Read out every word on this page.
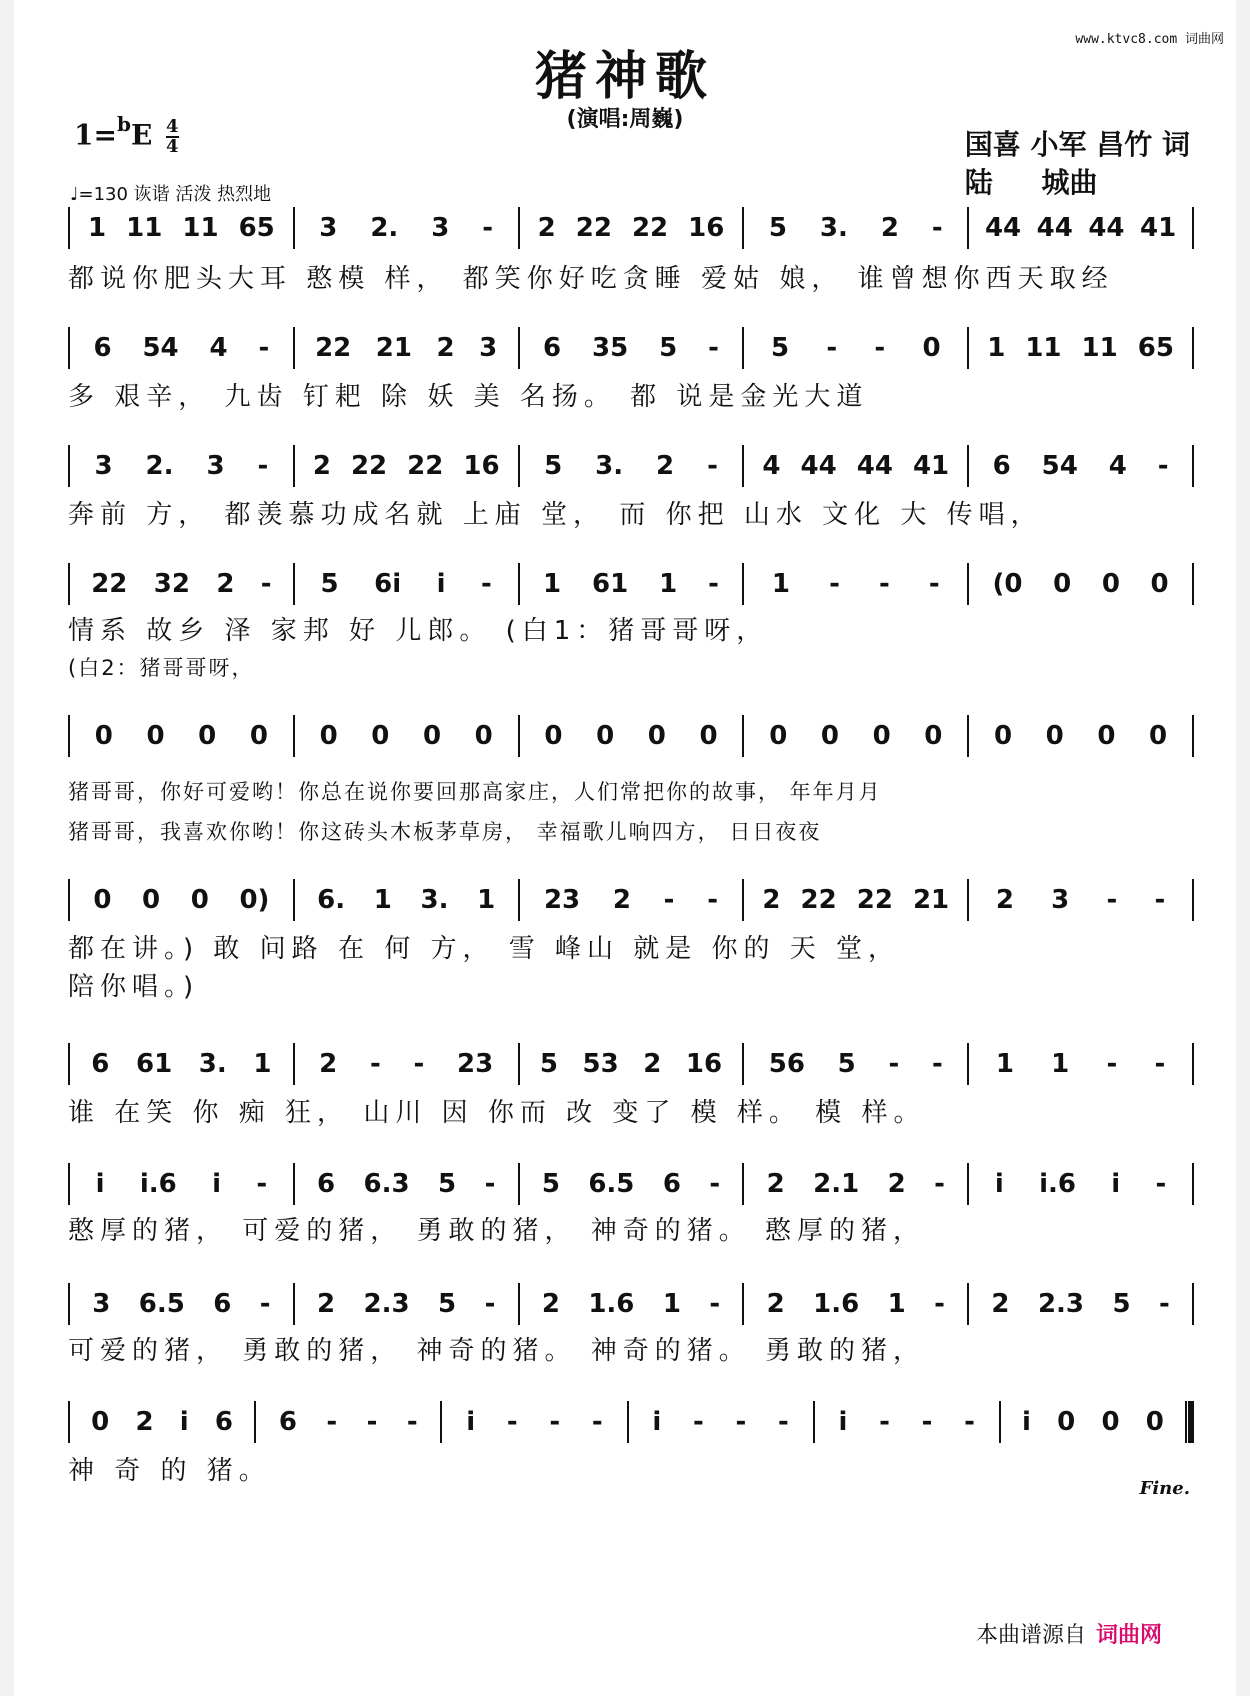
www.ktvc8.com 词曲网
猪神歌
(演唱:周巍)
$1=^bE \frac{4}{4}$
♩=130 诙谐 活泼 热烈地
国喜 小军 昌竹 词
陆     城曲
1 11 11 65 3 2. 3 - 2 22 22 16 5 3. 2 - 44 44 44 41
都说你肥头大耳 憨模 样， 都笑你好吃贪睡 爱姑 娘， 谁曾想你西天取经
6 54 4 - 22 21 2 3 6 35 5 - 5 - - 0 1 11 11 65
多 艰辛， 九齿 钉耙 除 妖 美 名扬。 都 说是金光大道
3 2. 3 - 2 22 22 16 5 3. 2 - 4 44 44 41 6 54 4 -
奔前 方， 都羡慕功成名就 上庙 堂， 而 你把 山水 文化 大 传唱，
22 32 2 - 5 6i i - 1 61 1 - 1 - - - (0 0 0 0
情系 故乡 泽 家邦 好 儿郎。 (白1：猪哥哥呀，
(白2：猪哥哥呀，
0 0 0 0 0 0 0 0 0 0 0 0 0 0 0 0 0 0 0 0
猪哥哥，你好可爱哟！你总在说你要回那高家庄，人们常把你的故事， 年年月月
猪哥哥，我喜欢你哟！你这砖头木板茅草房， 幸福歌儿响四方， 日日夜夜
0 0 0 0) 6. 1 3. 1 23 2 - - 2 22 22 21 2 3 - -
都在讲。) 敢 问路 在 何 方， 雪 峰山 就是 你的 天 堂，
陪你唱。)
6 61 3. 1 2 - - 23 5 53 2 16 56 5 - - 1 1 - -
谁 在笑 你 痴 狂， 山川 因 你而 改 变了 模 样。 模 样。
i i.6 i - 6 6.3 5 - 5 6.5 6 - 2 2.1 2 - i i.6 i -
憨厚的猪， 可爱的猪， 勇敢的猪， 神奇的猪。 憨厚的猪，
3 6.5 6 - 2 2.3 5 - 2 1.6 1 - 2 1.6 1 - 2 2.3 5 -
可爱的猪， 勇敢的猪， 神奇的猪。 神奇的猪。 勇敢的猪，
0 2 i 6 6 - - - i - - - i - - - i - - - i 0 0 0
神 奇 的 猪。
Fine.
本曲谱源自 词曲网
